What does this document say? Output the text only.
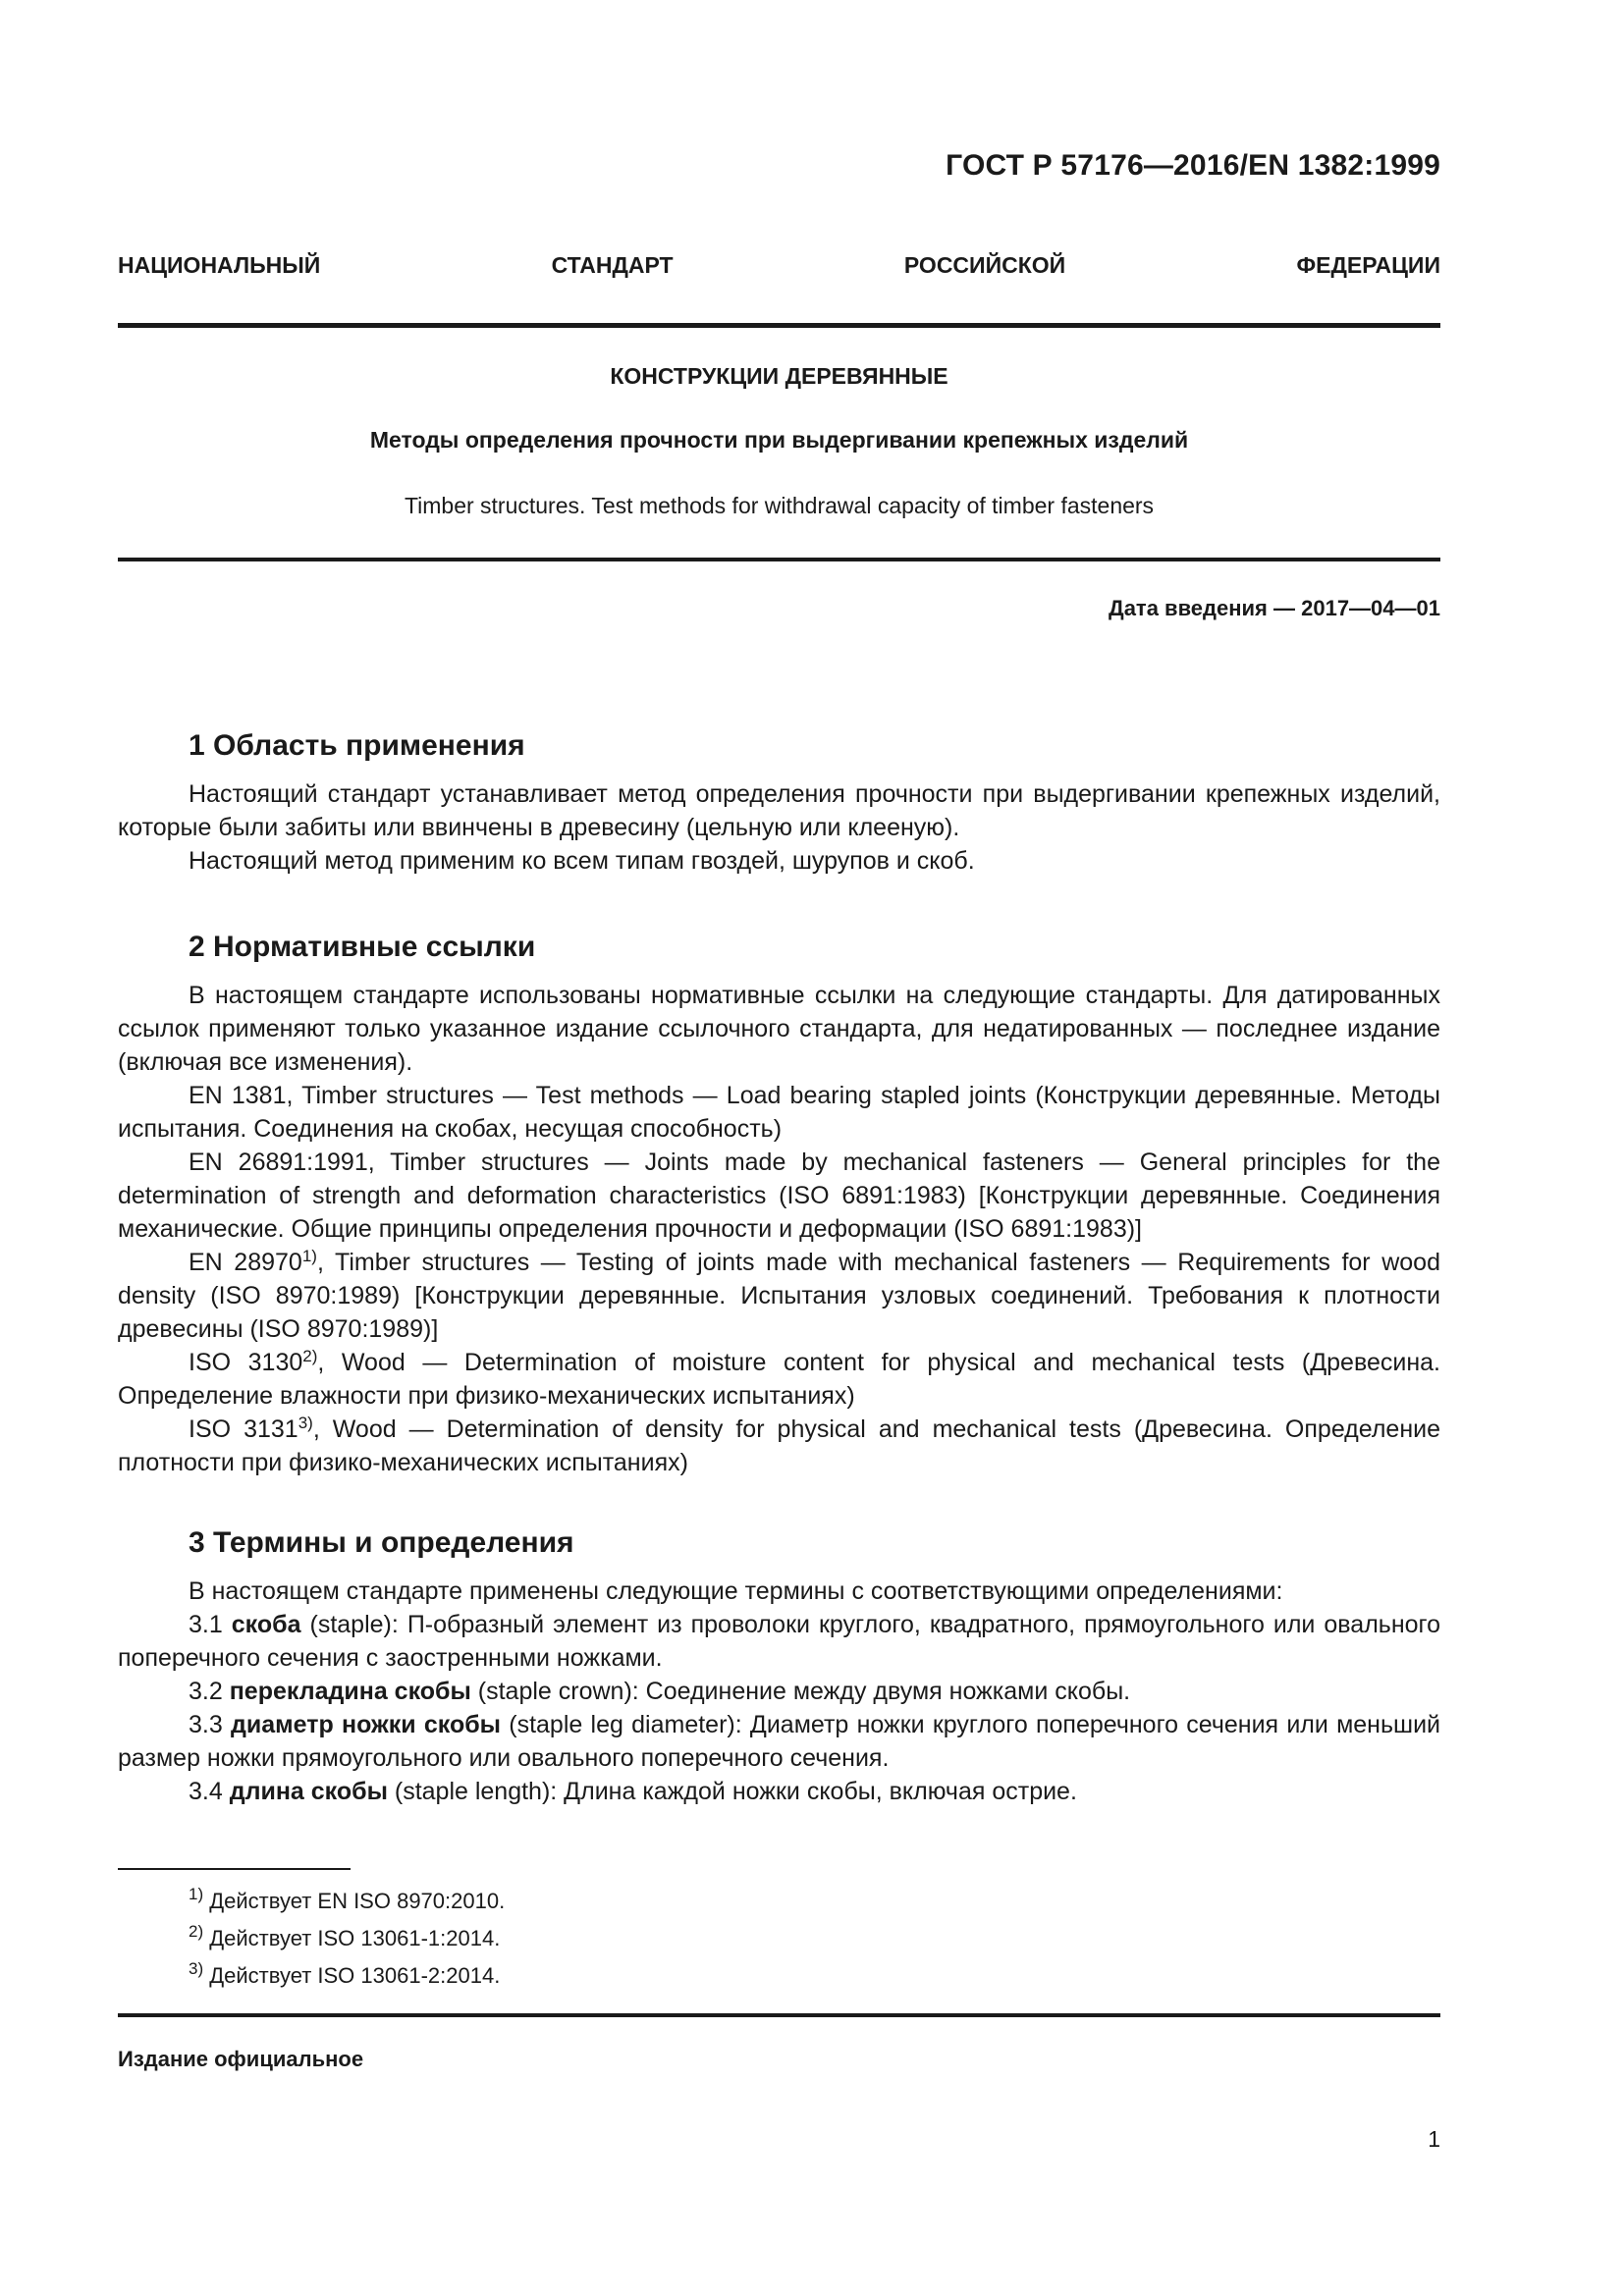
ГОСТ Р 57176—2016/EN 1382:1999
НАЦИОНАЛЬНЫЙ СТАНДАРТ РОССИЙСКОЙ ФЕДЕРАЦИИ
КОНСТРУКЦИИ ДЕРЕВЯННЫЕ
Методы определения прочности при выдергивании крепежных изделий
Timber structures. Test methods for withdrawal capacity of timber fasteners
Дата введения — 2017—04—01
1 Область применения

Настоящий стандарт устанавливает метод определения прочности при выдергивании крепежных изделий, которые были забиты или ввинчены в древесину (цельную или клееную).

Настоящий метод применим ко всем типам гвоздей, шурупов и скоб.

2 Нормативные ссылки

В настоящем стандарте использованы нормативные ссылки на следующие стандарты. Для датированных ссылок применяют только указанное издание ссылочного стандарта, для недатированных — последнее издание (включая все изменения).

EN 1381, Timber structures — Test methods — Load bearing stapled joints (Конструкции деревянные. Методы испытания. Соединения на скобах, несущая способность)

EN 26891:1991, Timber structures — Joints made by mechanical fasteners — General principles for the determination of strength and deformation characteristics (ISO 6891:1983) [Конструкции деревянные. Соединения механические. Общие принципы определения прочности и деформации (ISO 6891:1983)]

EN 28970$^{1)}$, Timber structures — Testing of joints made with mechanical fasteners — Requirements for wood density (ISO 8970:1989) [Конструкции деревянные. Испытания узловых соединений. Требования к плотности древесины (ISO 8970:1989)]

ISO 3130$^{2)}$, Wood — Determination of moisture content for physical and mechanical tests (Древесина. Определение влажности при физико-механических испытаниях)

ISO 3131$^{3)}$, Wood — Determination of density for physical and mechanical tests (Древесина. Определение плотности при физико-механических испытаниях)

3 Термины и определения

В настоящем стандарте применены следующие термины с соответствующими определениями:

3.1 скоба (staple): П-образный элемент из проволоки круглого, квадратного, прямоугольного или овального поперечного сечения с заостренными ножками.

3.2 перекладина скобы (staple crown): Соединение между двумя ножками скобы.

3.3 диаметр ножки скобы (staple leg diameter): Диаметр ножки круглого поперечного сечения или меньший размер ножки прямоугольного или овального поперечного сечения.

3.4 длина скобы (staple length): Длина каждой ножки скобы, включая острие.

$^{1)}$ Действует EN ISO 8970:2010.
$^{2)}$ Действует ISO 13061-1:2014.
$^{3)}$ Действует ISO 13061-2:2014.
Издание официальное
1
